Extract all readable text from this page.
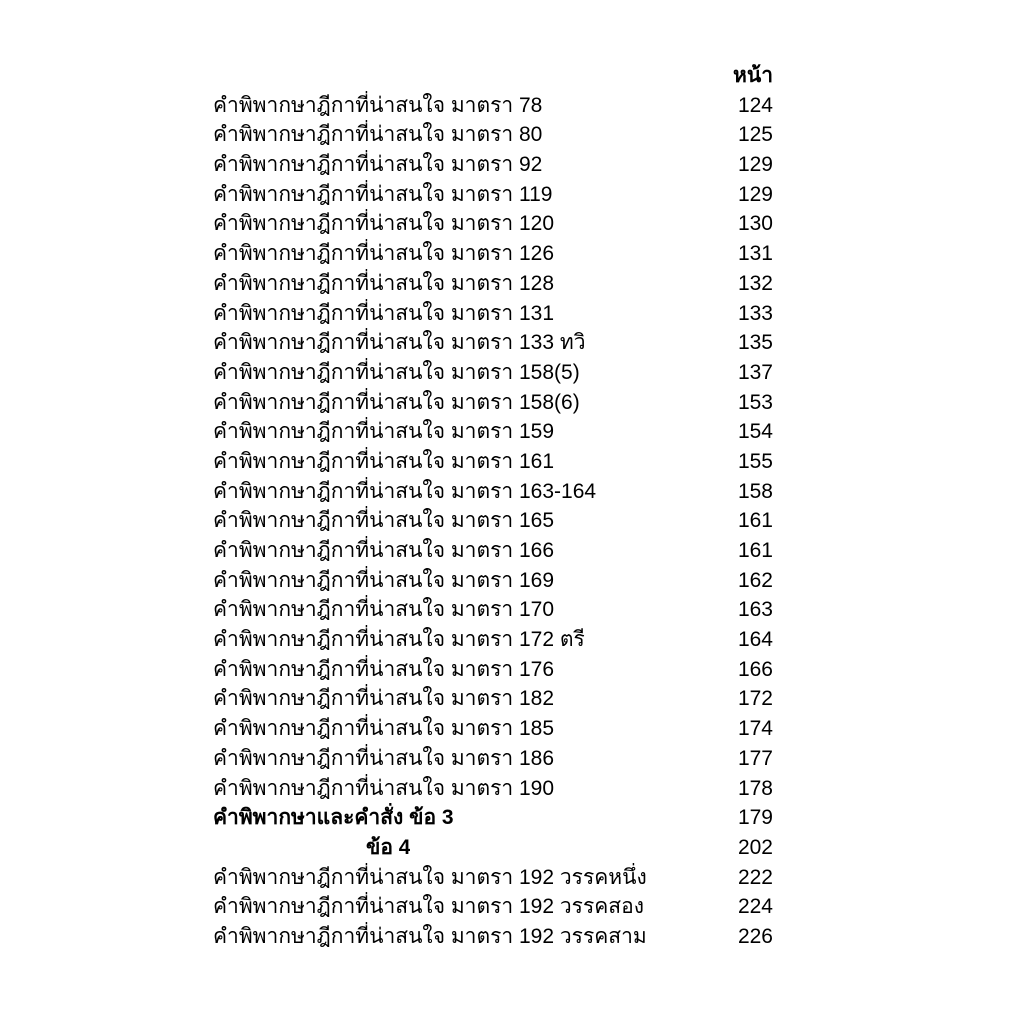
หน้า
คำพิพากษาฎีกาที่น่าสนใจ มาตรา 78	124
คำพิพากษาฎีกาที่น่าสนใจ มาตรา 80	125
คำพิพากษาฎีกาที่น่าสนใจ มาตรา 92	129
คำพิพากษาฎีกาที่น่าสนใจ มาตรา 119	129
คำพิพากษาฎีกาที่น่าสนใจ มาตรา 120	130
คำพิพากษาฎีกาที่น่าสนใจ มาตรา 126	131
คำพิพากษาฎีกาที่น่าสนใจ มาตรา 128	132
คำพิพากษาฎีกาที่น่าสนใจ มาตรา 131	133
คำพิพากษาฎีกาที่น่าสนใจ มาตรา 133 ทวิ	135
คำพิพากษาฎีกาที่น่าสนใจ มาตรา 158(5)	137
คำพิพากษาฎีกาที่น่าสนใจ มาตรา 158(6)	153
คำพิพากษาฎีกาที่น่าสนใจ มาตรา 159	154
คำพิพากษาฎีกาที่น่าสนใจ มาตรา 161	155
คำพิพากษาฎีกาที่น่าสนใจ มาตรา 163-164	158
คำพิพากษาฎีกาที่น่าสนใจ มาตรา 165	161
คำพิพากษาฎีกาที่น่าสนใจ มาตรา 166	161
คำพิพากษาฎีกาที่น่าสนใจ มาตรา 169	162
คำพิพากษาฎีกาที่น่าสนใจ มาตรา 170	163
คำพิพากษาฎีกาที่น่าสนใจ มาตรา 172 ตรี	164
คำพิพากษาฎีกาที่น่าสนใจ มาตรา 176	166
คำพิพากษาฎีกาที่น่าสนใจ มาตรา 182	172
คำพิพากษาฎีกาที่น่าสนใจ มาตรา 185	174
คำพิพากษาฎีกาที่น่าสนใจ มาตรา 186	177
คำพิพากษาฎีกาที่น่าสนใจ มาตรา 190	178
คำพิพากษาและคำสั่ง ข้อ 3	179
ข้อ 4	202
คำพิพากษาฎีกาที่น่าสนใจ มาตรา 192 วรรคหนึ่ง	222
คำพิพากษาฎีกาที่น่าสนใจ มาตรา 192 วรรคสอง	224
คำพิพากษาฎีกาที่น่าสนใจ มาตรา 192 วรรคสาม	226
